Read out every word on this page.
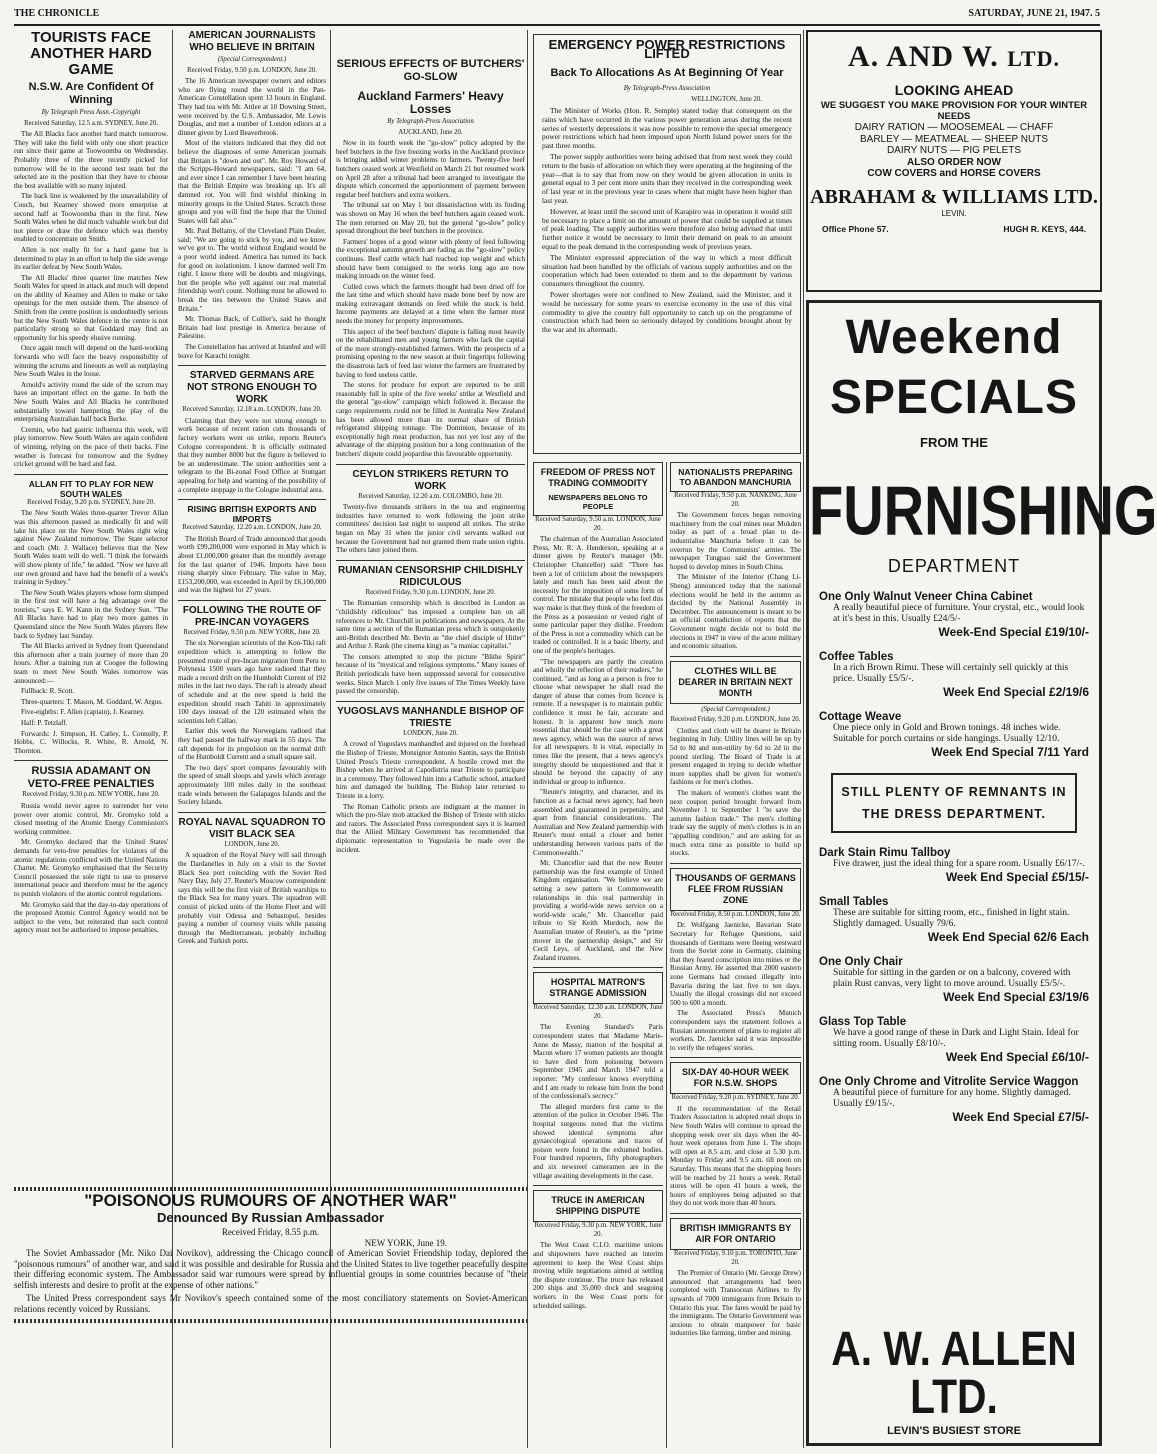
THE CHRONICLE	SATURDAY, JUNE 21, 1947. 5
TOURISTS FACE ANOTHER HARD GAME
N.S.W. Are Confident Of Winning
By Telegraph Press Assn.-Copyright
Received Saturday, 12.5 a.m. SYDNEY, June 20.

The All Blacks face another hard match tomorrow. They will take the field with only one short practice run since their game at Toowoomba on Wednesday. Probably three of the three recently picked for tomorrow will be in the second test team but the selected are in the position that they have to choose the best available with so many injured.

The back line is weakened by the unavailability of Couch, but Kearney showed more enterprise at second half at Toowoomba than in the first. New South Wales when he did much valuable work but did not pierce or draw the defence which was thereby enabled to concentrate on Smith.

Allen is not really fit for a hard game but is determined to play in an effort to help the side avenge its earlier defeat by New South Wales.

The All Blacks' three quarter line matches New South Wales for speed in attack and much will depend on the ability of Kearney and Allen to make or take openings for the men outside them. The absence of Smith from the centre position is undoubtedly serious but the New South Wales defence in the centre is not particularly strong so that Goddard may find an opportunity for his speedy elusive running.

Once again much will depend on the hard-working forwards who will face the heavy responsibility of winning the scrums and lineouts as well as outplaying New South Wales in the loose.

Arnold's activity round the side of the scrum may have an important effect on the game. In both the New South Wales and All Blacks he contributed substantially toward hampering the play of the enterprising Australian half back Burke.

Cremin, who had gastric influenza this week, will play tomorrow. New South Wales are again confident of winning, relying on the pace of their backs. Fine weather is forecast for tomorrow and the Sydney cricket ground will be hard and fast.

ALLAN FIT TO PLAY FOR NEW SOUTH WALES
Received Friday, 9.20 p.m. SYDNEY, June 20.

The New South Wales three-quarter Trevor Allan was this afternoon passed as medically fit and will take his place on the New South Wales right wing against New Zealand tomorrow. The State selector and coach (Mr. J. Wallace) believes that the New South Wales team will do well. "I think the forwards will show plenty of life," he added. "Now we have all our own ground and have had the benefit of a week's training in Sydney."

The New South Wales players whose form slumped in the first test will have a big advantage over the tourists," says E. W. Kann in the Sydney Sun. "The All Blacks have had to play two more games in Queensland since the New South Wales players flew back to Sydney last Sunday.

The All Blacks arrived in Sydney from Queensland this afternoon after a train journey of more than 20 hours. After a training run at Coogee the following team to meet New South Wales tomorrow was announced:—

Fullback: R. Scott.

Three-quarters: T. Mason, M. Goddard, W. Argus.

Five-eighths: F. Allen (captain), J. Kearney.

Half: P. Tetzlaff.

Forwards: J. Simpson, H. Catley, L. Connolly, P. Hobbs, C. Willocks, R. White, R. Arnold, N. Thornton.

RUSSIA ADAMANT ON VETO-FREE PENALTIES
Received Friday, 9.30 p.m. NEW YORK, June 20.

Russia would never agree to surrender her veto power over atomic control, Mr. Gromyko told a closed meeting of the Atomic Energy Commission's working committee.

Mr. Gromyko declared that the United States' demands for veto-free penalties for violators of the atomic regulations conflicted with the United Nations Charter. Mr. Gromyko emphasised that the Security Council possessed the sole right to use to preserve international peace and therefore must be the agency to punish violators of the atomic control regulations.

Mr. Gromyko said that the day-to-day operations of the proposed Atomic Control Agency would not be subject to the veto, but reiterated that such control agency must not be authorised to impose penalties.

AMERICAN JOURNALISTS WHO BELIEVE IN BRITAIN
(Special Correspondent.)
Received Friday, 9.50 p.m. LONDON, June 20.

The 16 American newspaper owners and editors who are flying round the world in the Pan-American Constellation spent 13 hours in England. They had tea with Mr. Attlee at 10 Downing Street, were received by the U.S. Ambassador, Mr. Lewis Douglas, and met a number of London editors at a dinner given by Lord Beaverbrook.

Most of the visitors indicated that they did not believe the diagnoses of some American journals that Britain is "down and out". Mr. Roy Howard of the Scripps-Howard newspapers, said: "I am 64, and ever since I can remember I have been hearing that the British Empire was breaking up. It's all damned rot. You will find wishful thinking in minority groups in the United States. Scratch those groups and you will find the hope that the United States will fail also."

Mr. Paul Bellamy, of the Cleveland Plain Dealer, said: "We are going to stick by you, and we know we've got to. The world without England would be a poor world indeed. America has turned its back for good on isolationism. I know damned well I'm right. I know there will be doubts and misgivings, but the people who yell against our real material friendship won't count. Nothing must be allowed to break the ties between the United States and Britain."

Mr. Thomas Back, of Collier's, said he thought Britain had lost prestige in America because of Palestine.

The Constellation has arrived at Istanbul and will leave for Karachi tonight.

STARVED GERMANS ARE NOT STRONG ENOUGH TO WORK
Received Saturday, 12.18 a.m. LONDON, June 20.

Claiming that they were not strong enough to work because of recent ration cuts thousands of factory workers went on strike, reports Reuter's Cologne correspondent. It is officially estimated that they number 8000 but the figure is believed to be an underestimate. The union authorities sent a telegram to the Bi-zonal Food Office at Stuttgart appealing for help and warning of the possibility of a complete stoppage in the Cologne industrial area.

RISING BRITISH EXPORTS AND IMPORTS
Received Saturday, 12.20 a.m. LONDON, June 20.

The British Board of Trade announced that goods worth £99,200,000 were exported in May which is about £1,000,000 greater than the monthly average for the last quarter of 1946. Imports have been rising sharply since February. The value in May, £153,200,000, was exceeded in April by £6,100,000 and was the highest for 27 years.

FOLLOWING THE ROUTE OF PRE-INCAN VOYAGERS
Received Friday, 9.50 p.m. NEW YORK, June 20.

The six Norwegian scientists of the Kon-Tiki raft expedition which is attempting to follow the presumed route of pre-Incan migration from Peru to Polynesia 1500 years ago have radioed that they made a record drift on the Humboldt Current of 192 miles in the last two days. The raft is already ahead of schedule and at the new speed is held the expedition should reach Tahiti in approximately 100 days instead of the 120 estimated when the scientists left Callao.

Earlier this week the Norwegians radioed that they had passed the halfway mark in 55 days. The raft depends for its propulsion on the normal drift of the Humboldt Current and a small square sail.

The two days' sport compares favourably with the speed of small sloops and yawls which average approximately 100 miles daily in the southeast trade winds between the Galapagos Islands and the Society Islands.

ROYAL NAVAL SQUADRON TO VISIT BLACK SEA
LONDON, June 20.

A squadron of the Royal Navy will sail through the Dardanelles in July on a visit to the Soviet Black Sea port coinciding with the Soviet Red Navy Day, July 27. Reuter's Moscow correspondent says this will be the first visit of British warships to the Black Sea for many years. The squadron will consist of picked units of the Home Fleet and will probably visit Odessa and Sebastopol, besides paying a number of courtesy visits while passing through the Mediterranean, probably including Greek and Turkish ports.

"POISONOUS RUMOURS OF ANOTHER WAR"
Denounced By Russian Ambassador
Received Friday, 8.55 p.m.
NEW YORK, June 19.

The Soviet Ambassador (Mr. Niko Dai Novikov), addressing the Chicago council of American Soviet Friendship today, deplored the "poisonous rumours" of another war, and said it was possible and desirable for Russia and the United States to live together peacefully despite their differing economic system. The Ambassador said war rumours were spread by influential groups in some countries because of "their selfish interests and desire to profit at the expense of other nations."

The United Press correspondent says Mr Novikov's speech contained some of the most conciliatory statements on Soviet-American relations recently voiced by Russians.

SERIOUS EFFECTS OF BUTCHERS' GO-SLOW
Auckland Farmers' Heavy Losses
By Telegraph-Press Association
AUCKLAND, June 20.

Now in its fourth week the "go-slow" policy adopted by the beef butchers in the five freezing works in the Auckland province is bringing added winter problems to farmers. Twenty-five beef butchers ceased work at Westfield on March 21 but resumed work on April 28 after a tribunal had been arranged to investigate the dispute which concerned the apportionment of payment between regular beef butchers and extra workers.

The tribunal sat on May 1 but dissatisfaction with its finding was shown on May 16 when the beef butchers again ceased work. The men returned on May 20, but the general "go-slow" policy spread throughout the beef butchers in the province.

Farmers' hopes of a good winter with plenty of feed following the exceptional autumn growth are fading as the "go-slow" policy continues. Beef cattle which had reached top weight and which should have been consigned to the works long ago are now making inroads on the winter feed.

Culled cows which the farmers thought had been dried off for the last time and which should have made bone beef by now are making extravagant demands on feed while the stock is held. Income payments are delayed at a time when the farmer most needs the money for property improvements.

This aspect of the beef butchers' dispute is falling most heavily on the rehabilitated men and young farmers who lack the capital of the more strongly-established farmers. With the prospects of a promising opening to the new season at their fingertips following the disastrous lack of feed last winter the farmers are frustrated by having to feed useless cattle.

The stores for produce for export are reported to be still reasonably full in spite of the five weeks' strike at Westfield and the general "go-slow" campaign which followed it. Because the cargo requirements could not be filled in Australia New Zealand has been allowed more than its normal share of British refrigerated shipping tonnage. The Dominion, because of its exceptionally high meat production, has not yet lost any of the advantage of the shipping position but a long continuation of the butchers' dispute could jeopardise this favourable opportunity.

CEYLON STRIKERS RETURN TO WORK
Received Saturday, 12.20 a.m. COLOMBO, June 20.

Twenty-five thousands strikers in the tea and engineering industries have returned to work following the joint strike committees' decision last night to suspend all strikes. The strike began on May 31 when the junior civil servants walked out because the Government had not granted them trade union rights. The others later joined them.

RUMANIAN CENSORSHIP CHILDISHLY RIDICULOUS
Received Friday, 9.30 p.m. LONDON, June 20.

The Rumanian censorship which is described in London as "childishly ridiculous" has imposed a complete ban on all references to Mr. Churchill in publications and newspapers. At the same time a section of the Rumanian press which is outspokenly anti-British described Mr. Bevin as "the chief disciple of Hitler" and Arthur J. Rank (the cinema king) as "a maniac capitalist."

The censors attempted to stop the picture "Blithe Spirit" because of its "mystical and religious symptoms." Many issues of British periodicals have been suppressed several for consecutive weeks. Since March 1 only five issues of The Times Weekly have passed the censorship.

YUGOSLAVS MANHANDLE BISHOP OF TRIESTE
LONDON, June 20.

A crowd of Yugoslavs manhandled and injured on the forehead the Bishop of Trieste, Monsignor Antonio Santin, says the British United Press's Trieste correspondent. A hostile crowd met the Bishop when he arrived at Capodistria near Trieste to participate in a ceremony. They followed him into a Catholic school, attacked him and damaged the building. The Bishop later returned to Trieste in a lorry.

The Roman Catholic priests are indignant at the manner in which the pro-Slav mob attacked the Bishop of Trieste with sticks and razors. The Associated Press correspondent says it is learned that the Allied Military Government has recommended that diplomatic representation to Yugoslavia be made over the incident.

EMERGENCY POWER RESTRICTIONS LIFTED
Back To Allocations As At Beginning Of Year
By Telegraph-Press Association
WELLINGTON, June 20.

The Minister of Works (Hon. R. Semple) stated today that consequent on the rains which have occurred in the various power generation areas during the recent series of westerly depressions it was now possible to remove the special emergency power restrictions which had been imposed upon North Island power users for the past three months.

The power supply authorities were being advised that from next week they could return to the basis of allocation on which they were operating at the beginning of the year—that is to say that from now on they would be given allocation in units in general equal to 3 per cent more units than they received in the corresponding week of last year or in the previous year in cases where that might have been higher than last year.

However, at least until the second unit of Karapiro was in operation it would still be necessary to place a limit on the amount of power that could be supplied at times of peak loading. The supply authorities were therefore also being advised that until further notice it would be necessary to limit their demand on peak to an amount equal to the peak demand in the corresponding week of previous years.

The Minister expressed appreciation of the way in which a most difficult situation had been handled by the officials of various supply authorities and on the cooperation which had been extended to them and to the department by various consumers throughout the country.

Power shortages were not confined to New Zealand, said the Minister, and it would be necessary for some years to exercise economy in the use of this vital commodity to give the country full opportunity to catch up on the programme of construction which had been so seriously delayed by conditions brought about by the war and its aftermath.

FREEDOM OF PRESS NOT TRADING COMMODITY
NEWSPAPERS BELONG TO PEOPLE
Received Saturday, 9.50 a.m. LONDON, June 20.

The chairman of the Australian Associated Press, Mr. R. A. Henderson, speaking at a dinner given by Reuter's manager (Mr. Christopher Chancellor) said: "There has been a lot of criticism about the newspapers lately and much has been said about the necessity for the imposition of some form of control. The mistake that people who feel this way make is that they think of the freedom of the Press as a possession or vested right of some particular paper they dislike. Freedom of the Press is not a commodity which can be traded or controlled. It is a basic liberty, and one of the people's heritages.

"The newspapers are partly the creation and wholly the reflection of their readers," he continued, "and as long as a person is free to choose what newspaper he shall read the danger of abuse that comes from licence is remote. If a newspaper is to maintain public confidence it must be fair, accurate and honest. It is apparent how much more essential that should be the case with a great news agency, which was the source of news for all newspapers. It is vital, especially in times like the present, that a news agency's integrity should be unquestioned and that it should be beyond the capacity of any individual or group to influence.

"Reuter's integrity, and character, and its function as a factual news agency, had been assembled and guaranteed in perpetuity, and apart from financial considerations. The Australian and New Zealand partnership with Reuter's must entail a closer and better understanding between various parts of the Commonwealth."

Mr. Chancellor said that the new Reuter partnership was the first example of United Kingdom organisation. "We believe we are setting a new pattern in Commonwealth relationships in this real partnership in providing a world-wide news service on a world-wide scale," Mr. Chancellor paid tribute to Sir Keith Murdoch, now the Australian trustee of Reuter's, as the "prime mover in the partnership design," and Sir Cecil Leys, of Auckland, and the New Zealand trustees.

HOSPITAL MATRON'S STRANGE ADMISSION
Received Saturday, 12.30 a.m. LONDON, June 20.

The Evening Standard's Paris correspondent states that Madame Marie-Anne de Massy, matron of the hospital at Macon where 17 women patients are thought to have died from poisoning between September 1945 and March 1947 told a reporter: "My confessor knows everything and I am ready to release him from the bond of the confessional's secrecy."

The alleged murders first came to the attention of the police in October 1946. The hospital surgeons noted that the victims showed identical symptoms after gynaecological operations and traces of poison were found in the exhumed bodies. Four hundred reporters, fifty photographers and six newsreel cameramen are in the village awaiting developments in the case.

TRUCE IN AMERICAN SHIPPING DISPUTE
Received Friday, 9.30 p.m. NEW YORK, June 20.

The West Coast C.I.O. maritime unions and shipowners have reached an interim agreement to keep the West Coast ships moving while negotiations aimed at settling the dispute continue. The truce has released 200 ships and 35,000 dock and seagoing workers in the West Coast ports for scheduled sailings.

NATIONALISTS PREPARING TO ABANDON MANCHURIA
Received Friday, 9.50 p.m. NANKING, June 20.

The Government forces began removing machinery from the coal mines near Mukden today as part of a broad plan to de-industrialise Manchuria before it can be overrun by the Communists' armies. The newspaper Tungpao said the Government hoped to develop mines in South China.

The Minister of the Interior (Chang Li-Sheng) announced today that the national elections would be held in the autumn as decided by the National Assembly in December. The announcement is meant to be an official contradiction of reports that the Government might decide not to hold the elections in 1947 in view of the acute military and economic situation.

CLOTHES WILL BE DEARER IN BRITAIN NEXT MONTH
(Special Correspondent.)
Received Friday, 9.20 p.m. LONDON, June 20.

Clothes and cloth will be dearer in Britain beginning in July. Utility lines will be up by 5d to 8d and non-utility by 6d to 2d in the pound sterling. The Board of Trade is at present engaged in trying to decide whether more supplies shall be given for women's fashions or for men's clothes.

The makers of women's clothes want the next coupon period brought forward from November 1 to September 1 "to save the autumn fashion trade." The men's clothing trade say the supply of men's clothes is in an "appalling condition," and are asking for as much extra time as possible to build up stocks.

THOUSANDS OF GERMANS FLEE FROM RUSSIAN ZONE
Received Friday, 8.50 p.m. LONDON, June 20.

Dr. Wolfgang Jaenicke, Bavarian State Secretary for Refugee Questions, said thousands of Germans were fleeing westward from the Soviet zone in Germany, claiming that they feared conscription into mines or the Russian Army. He asserted that 2000 eastern zone Germans had crossed illegally into Bavaria during the last five to ten days. Usually the illegal crossings did not exceed 500 to 600 a month.

The Associated Press's Munich correspondent says the statement follows a Russian announcement of plans to register all workers. Dr. Jaenicke said it was impossible to verify the refugees' stories.

SIX-DAY 40-HOUR WEEK FOR N.S.W. SHOPS
Received Friday, 9.20 p.m. SYDNEY, June 20.

If the recommendation of the Retail Traders Association is adopted retail shops in New South Wales will continue to spread the shopping week over six days when the 40-hour week operates from June 1. The shops will open at 8.5 a.m. and close at 5.30 p.m. Monday to Friday and 9.5 a.m. till noon on Saturday. This means that the shopping hours will be reached by 21 hours a week. Retail stores will be open 41 hours a week, the hours of employees being adjusted so that they do not work more than 40 hours.

BRITISH IMMIGRANTS BY AIR FOR ONTARIO
Received Friday, 9.10 p.m. TORONTO, June 20.

The Premier of Ontario (Mr. George Drew) announced that arrangements had been completed with Transocean Airlines to fly upwards of 7000 immigrants from Britain to Ontario this year. The fares would be paid by the immigrants. The Ontario Government was anxious to obtain manpower for basic industries like farming, timber and mining.

A. AND W. LTD.
LOOKING AHEAD
WE SUGGEST YOU MAKE PROVISION FOR YOUR WINTER NEEDS
DAIRY RATION — MOOSEMEAL — CHAFF
BARLEY — MEATMEAL — SHEEP NUTS
DAIRY NUTS — PIG PELETS
ALSO ORDER NOW
COW COVERS and HORSE COVERS
ABRAHAM & WILLIAMS LTD.
LEVIN.
Office Phone 57.	HUGH R. KEYS, 444.
Weekend
SPECIALS
FROM THE
FURNISHING
DEPARTMENT
One Only Walnut Veneer China Cabinet
A really beautiful piece of furniture. Your crystal, etc., would look at it's best in this. Usually £24/5/-
Week-End Special £19/10/-
Coffee Tables
In a rich Brown Rimu. These will certainly sell quickly at this price. Usually £5/5/-.
Week End Special £2/19/6
Cottage Weave
One piece only in Gold and Brown tonings. 48 inches wide. Suitable for porch curtains or side hangings. Usually 12/10.
Week End Special 7/11 Yard
STILL PLENTY OF REMNANTS IN THE DRESS DEPARTMENT.
Dark Stain Rimu Tallboy
Five drawer, just the ideal thing for a spare room. Usually £6/17/-.
Week End Special £5/15/-
Small Tables
These are suitable for sitting room, etc., finished in light stain. Slightly damaged. Usually 79/6.
Week End Special 62/6 Each
One Only Chair
Suitable for sitting in the garden or on a balcony, covered with plain Rust canvas, very light to move around. Usually £5/5/-.
Week End Special £3/19/6
Glass Top Table
We have a good range of these in Dark and Light Stain. Ideal for sitting room. Usually £8/10/-.
Week End Special £6/10/-
One Only Chrome and Vitrolite Service Waggon
A beautiful piece of furniture for any home. Slightly damaged. Usually £9/15/-.
Week End Special £7/5/-
A. W. ALLEN LTD.
LEVIN'S BUSIEST STORE
